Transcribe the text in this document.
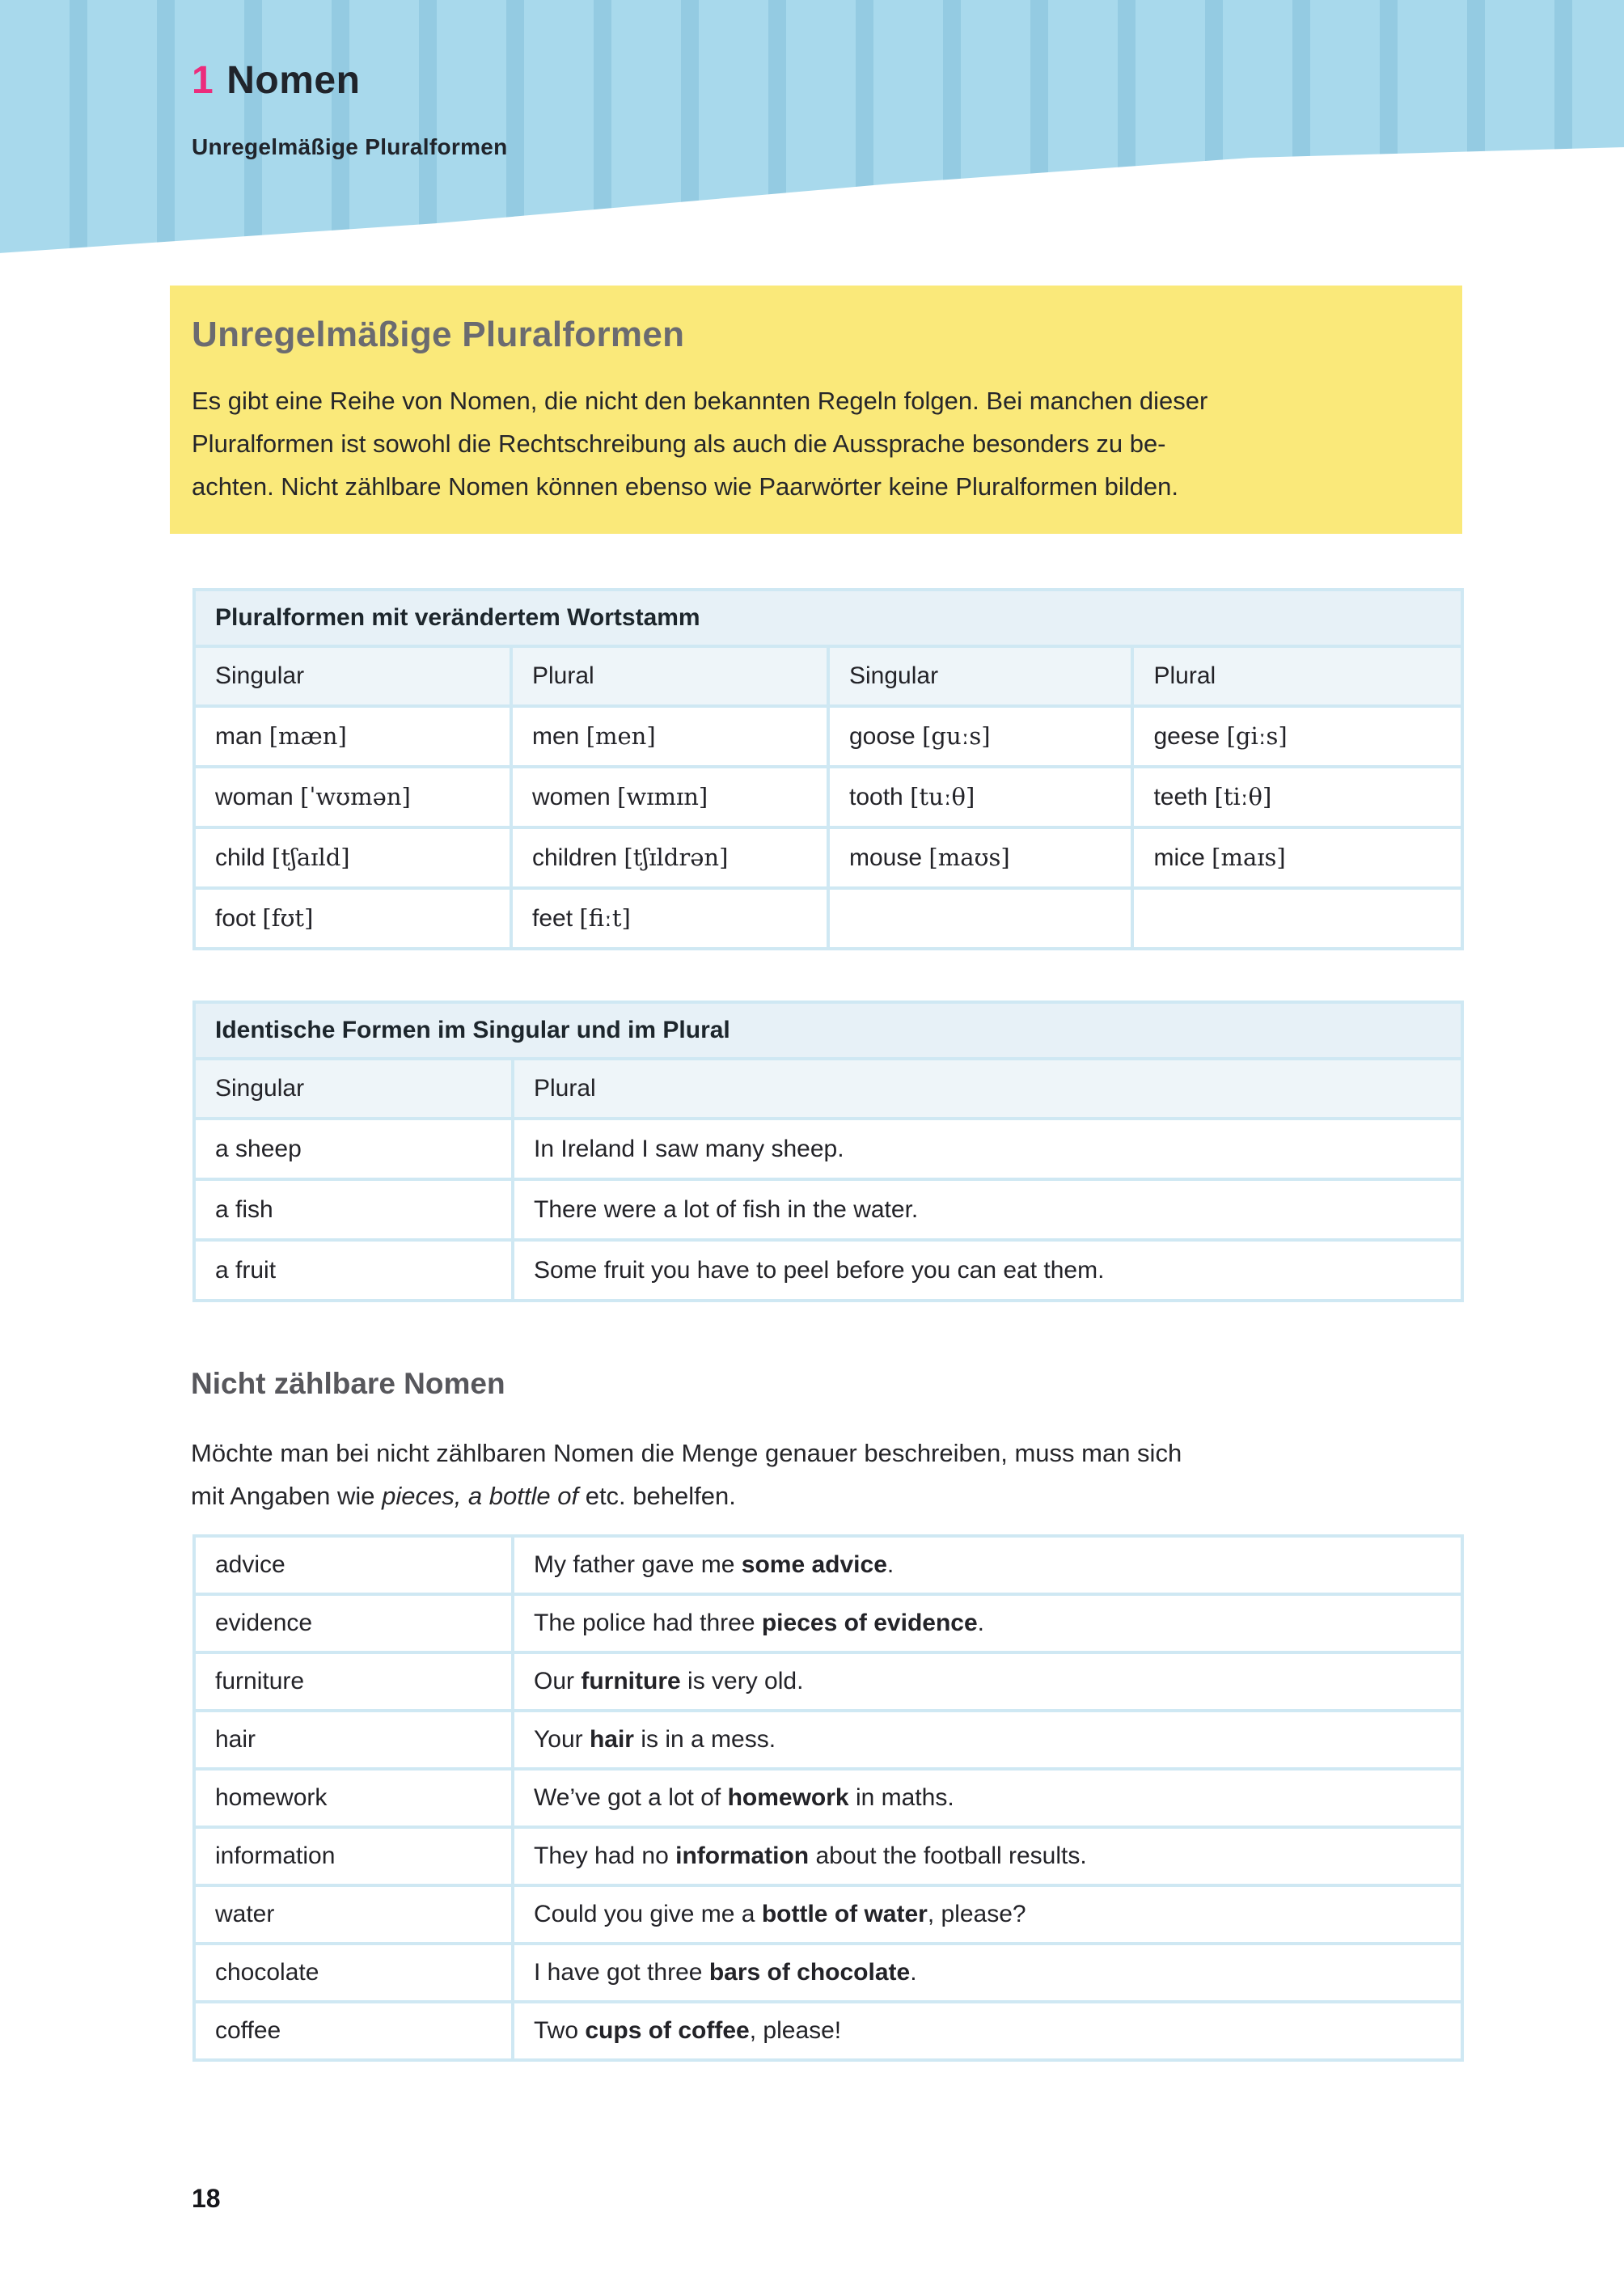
1 Nomen
Unregelmäßige Pluralformen
Unregelmäßige Pluralformen
Es gibt eine Reihe von Nomen, die nicht den bekannten Regeln folgen. Bei manchen dieser
Pluralformen ist sowohl die Rechtschreibung als auch die Aussprache besonders zu be-
achten. Nicht zählbare Nomen können ebenso wie Paarwörter keine Pluralformen bilden.
Pluralformen mit verändertem Wortstamm			
Singular	Plural	Singular	Plural
man [mæn]	men [men]	goose [guːs]	geese [giːs]
woman [ˈwʊmən]	women [wɪmɪn]	tooth [tuːθ]	teeth [tiːθ]
child [tʃaɪld]	children [tʃɪldrən]	mouse [maʊs]	mice [maɪs]
foot [fʊt]	feet [fiːt]		
Identische Formen im Singular und im Plural	
Singular	Plural
a sheep	In Ireland I saw many sheep.
a fish	There were a lot of fish in the water.
a fruit	Some fruit you have to peel before you can eat them.
Nicht zählbare Nomen
Möchte man bei nicht zählbaren Nomen die Menge genauer beschreiben, muss man sich
mit Angaben wie pieces, a bottle of etc. behelfen.
advice	My father gave me some advice.
evidence	The police had three pieces of evidence.
furniture	Our furniture is very old.
hair	Your hair is in a mess.
homework	We’ve got a lot of homework in maths.
information	They had no information about the football results.
water	Could you give me a bottle of water, please?
chocolate	I have got three bars of chocolate.
coffee	Two cups of coffee, please!
18
